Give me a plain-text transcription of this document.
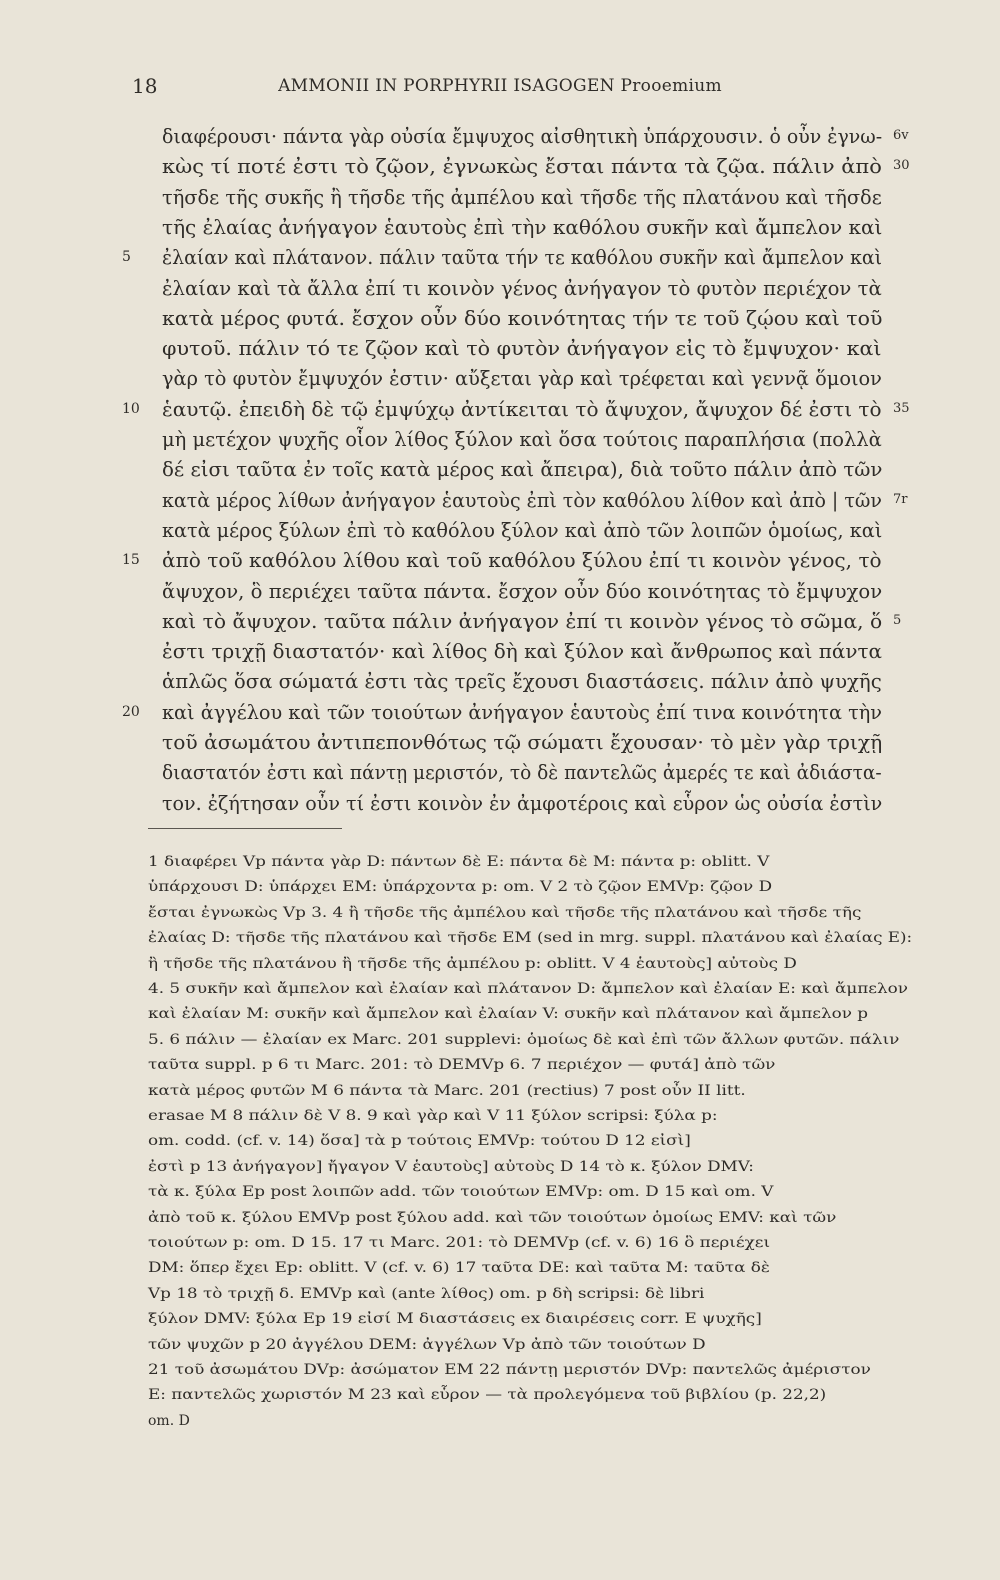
18	AMMONII IN PORPHYRII ISAGOGEN Prooemium
διαφέρουσι· πάντα γὰρ οὐσία ἔμψυχος αἰσθητικὴ ὑπάρχουσιν. ὁ οὖν ἐγνω- 6v
κὼς τί ποτέ ἐστι τὸ ζῷον, ἐγνωκὼς ἔσται πάντα τὰ ζῷα. πάλιν ἀπὸ 30
τῆσδε τῆς συκῆς ἢ τῆσδε τῆς ἀμπέλου καὶ τῆσδε τῆς πλατάνου καὶ τῆσδε
τῆς ἐλαίας ἀνήγαγον ἑαυτοὺς ἐπὶ τὴν καθόλου συκῆν καὶ ἄμπελον καὶ
ἐλαίαν καὶ πλάτανον. πάλιν ταῦτα τήν τε καθόλου συκῆν καὶ ἄμπελον καὶ
5
ἐλαίαν καὶ τὰ ἄλλα ἐπί τι κοινὸν γένος ἀνήγαγον τὸ φυτὸν περιέχον τὰ
κατὰ μέρος φυτά. ἔσχον οὖν δύο κοινότητας τήν τε τοῦ ζῴου καὶ τοῦ
φυτοῦ. πάλιν τό τε ζῷον καὶ τὸ φυτὸν ἀνήγαγον εἰς τὸ ἔμψυχον· καὶ
γὰρ τὸ φυτὸν ἔμψυχόν ἐστιν· αὔξεται γὰρ καὶ τρέφεται καὶ γεννᾷ ὅμοιον
ἑαυτῷ. ἐπειδὴ δὲ τῷ ἐμψύχῳ ἀντίκειται τὸ ἄψυχον, ἄψυχον δέ ἐστι τὸ
10	35
μὴ μετέχον ψυχῆς οἷον λίθος ξύλον καὶ ὅσα τούτοις παραπλήσια (πολλὰ
δέ εἰσι ταῦτα ἐν τοῖς κατὰ μέρος καὶ ἄπειρα), διὰ τοῦτο πάλιν ἀπὸ τῶν
κατὰ μέρος λίθων ἀνήγαγον ἑαυτοὺς ἐπὶ τὸν καθόλου λίθον καὶ ἀπὸ | τῶν 7r
κατὰ μέρος ξύλων ἐπὶ τὸ καθόλου ξύλον καὶ ἀπὸ τῶν λοιπῶν ὁμοίως, καὶ
ἀπὸ τοῦ καθόλου λίθου καὶ τοῦ καθόλου ξύλου ἐπί τι κοινὸν γένος, τὸ
15
ἄψυχον, ὃ περιέχει ταῦτα πάντα. ἔσχον οὖν δύο κοινότητας τὸ ἔμψυχον
καὶ τὸ ἄψυχον. ταῦτα πάλιν ἀνήγαγον ἐπί τι κοινὸν γένος τὸ σῶμα, ὅ 5
ἐστι τριχῇ διαστατόν· καὶ λίθος δὴ καὶ ξύλον καὶ ἄνθρωπος καὶ πάντα
ἁπλῶς ὅσα σώματά ἐστι τὰς τρεῖς ἔχουσι διαστάσεις. πάλιν ἀπὸ ψυχῆς
καὶ ἀγγέλου καὶ τῶν τοιούτων ἀνήγαγον ἑαυτοὺς ἐπί τινα κοινότητα τὴν
20
τοῦ ἀσωμάτου ἀντιπεπονθότως τῷ σώματι ἔχουσαν· τὸ μὲν γὰρ τριχῇ
διαστατόν ἐστι καὶ πάντῃ μεριστόν, τὸ δὲ παντελῶς ἀμερές τε καὶ ἀδιάστα-
τον. ἐζήτησαν οὖν τί ἐστι κοινὸν ἐν ἀμφοτέροις καὶ εὗρον ὡς οὐσία ἐστὶν
1 διαφέρει Vp πάντα γὰρ D: πάντων δὲ E: πάντα δὲ M: πάντα p: oblitt. V
ὑπάρχουσι D: ὑπάρχει EM: ὑπάρχοντα p: om. V 2 τὸ ζῷον EMVp: ζῷον D
ἔσται ἐγνωκὼς Vp 3. 4 ἢ τῆσδε τῆς ἀμπέλου καὶ τῆσδε τῆς πλατάνου καὶ τῆσδε τῆς
ἐλαίας D: τῆσδε τῆς πλατάνου καὶ τῆσδε EM (sed in mrg. suppl. πλατάνου καὶ ἐλαίας E):
ἢ τῆσδε τῆς πλατάνου ἢ τῆσδε τῆς ἀμπέλου p: oblitt. V 4 ἑαυτοὺς] αὐτοὺς D
4. 5 συκῆν καὶ ἄμπελον καὶ ἐλαίαν καὶ πλάτανον D: ἄμπελον καὶ ἐλαίαν E: καὶ ἄμπελον
καὶ ἐλαίαν M: συκῆν καὶ ἄμπελον καὶ ἐλαίαν V: συκῆν καὶ πλάτανον καὶ ἄμπελον p
5. 6 πάλιν — ἐλαίαν ex Marc. 201 supplevi: ὁμοίως δὲ καὶ ἐπὶ τῶν ἄλλων φυτῶν. πάλιν
ταῦτα suppl. p 6 τι Marc. 201: τὸ DEMVp 6. 7 περιέχον — φυτά] ἀπὸ τῶν
κατὰ μέρος φυτῶν M 6 πάντα τὰ Marc. 201 (rectius) 7 post οὖν II litt.
erasae M 8 πάλιν δὲ V 8. 9 καὶ γὰρ καὶ V 11 ξύλον scripsi: ξύλα p:
om. codd. (cf. v. 14) ὅσα] τὰ p τούτοις EMVp: τούτου D 12 εἰσὶ]
ἐστὶ p 13 ἀνήγαγον] ἤγαγον V ἑαυτοὺς] αὐτοὺς D 14 τὸ κ. ξύλον DMV:
τὰ κ. ξύλα Ep post λοιπῶν add. τῶν τοιούτων EMVp: om. D 15 καὶ om. V
ἀπὸ τοῦ κ. ξύλου EMVp post ξύλου add. καὶ τῶν τοιούτων ὁμοίως EMV: καὶ τῶν
τοιούτων p: om. D 15. 17 τι Marc. 201: τὸ DEMVp (cf. v. 6) 16 ὃ περιέχει
DM: ὅπερ ἔχει Ep: oblitt. V (cf. v. 6) 17 ταῦτα DE: καὶ ταῦτα M: ταῦτα δὲ
Vp 18 τὸ τριχῇ δ. EMVp καὶ (ante λίθος) om. p δὴ scripsi: δὲ libri
ξύλον DMV: ξύλα Ep 19 εἰσί M διαστάσεις ex διαιρέσεις corr. E ψυχῆς]
τῶν ψυχῶν p 20 ἀγγέλου DEM: ἀγγέλων Vp ἀπὸ τῶν τοιούτων D
21 τοῦ ἀσωμάτου DVp: ἀσώματον EM 22 πάντῃ μεριστόν DVp: παντελῶς ἀμέριστον
E: παντελῶς χωριστόν M 23 καὶ εὗρον — τὰ προλεγόμενα τοῦ βιβλίου (p. 22,2)
om. D
